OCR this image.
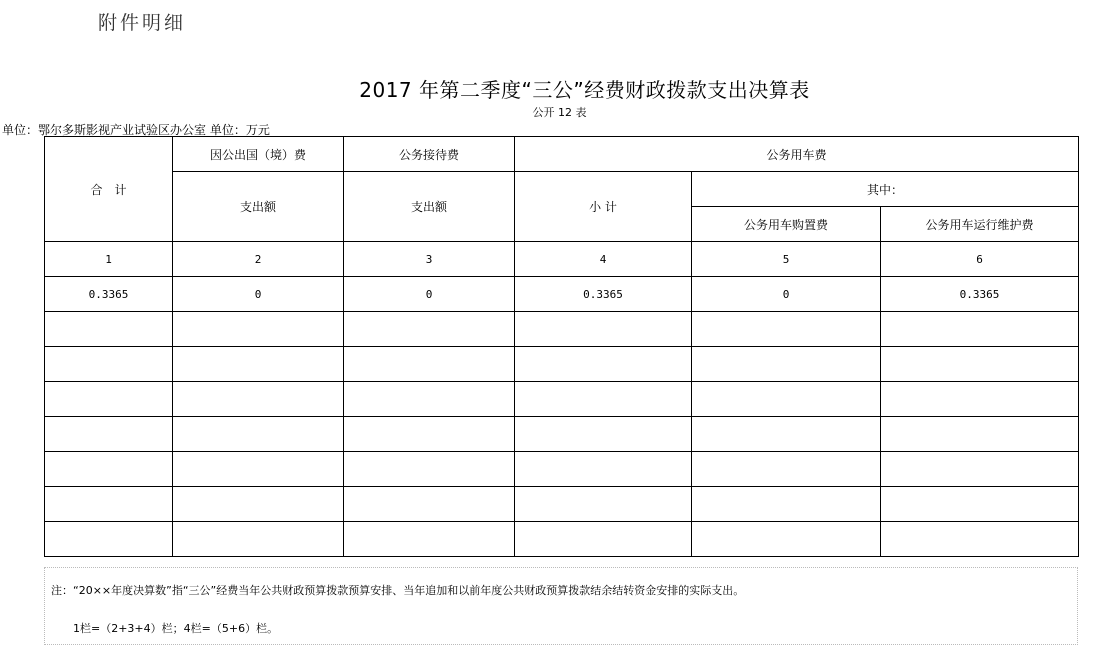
附件明细
2017 年第二季度“三公”经费财政拨款支出决算表
公开 12 表
单位：鄂尔多斯影视产业试验区办公室 单位：万元
合　计	因公出国（境）费	公务接待费	公务用车费		
	支出额	支出额	小 计	其中：	
				公务用车购置费	公务用车运行维护费
1	2	3	4	5	6
0.3365	0	0	0.3365	0	0.3365

注：“20××年度决算数”指“三公”经费当年公共财政预算拨款预算安排、当年追加和以前年度公共财政预算拨款结余结转资金安排的实际支出。
1栏=（2+3+4）栏；4栏=（5+6）栏。
